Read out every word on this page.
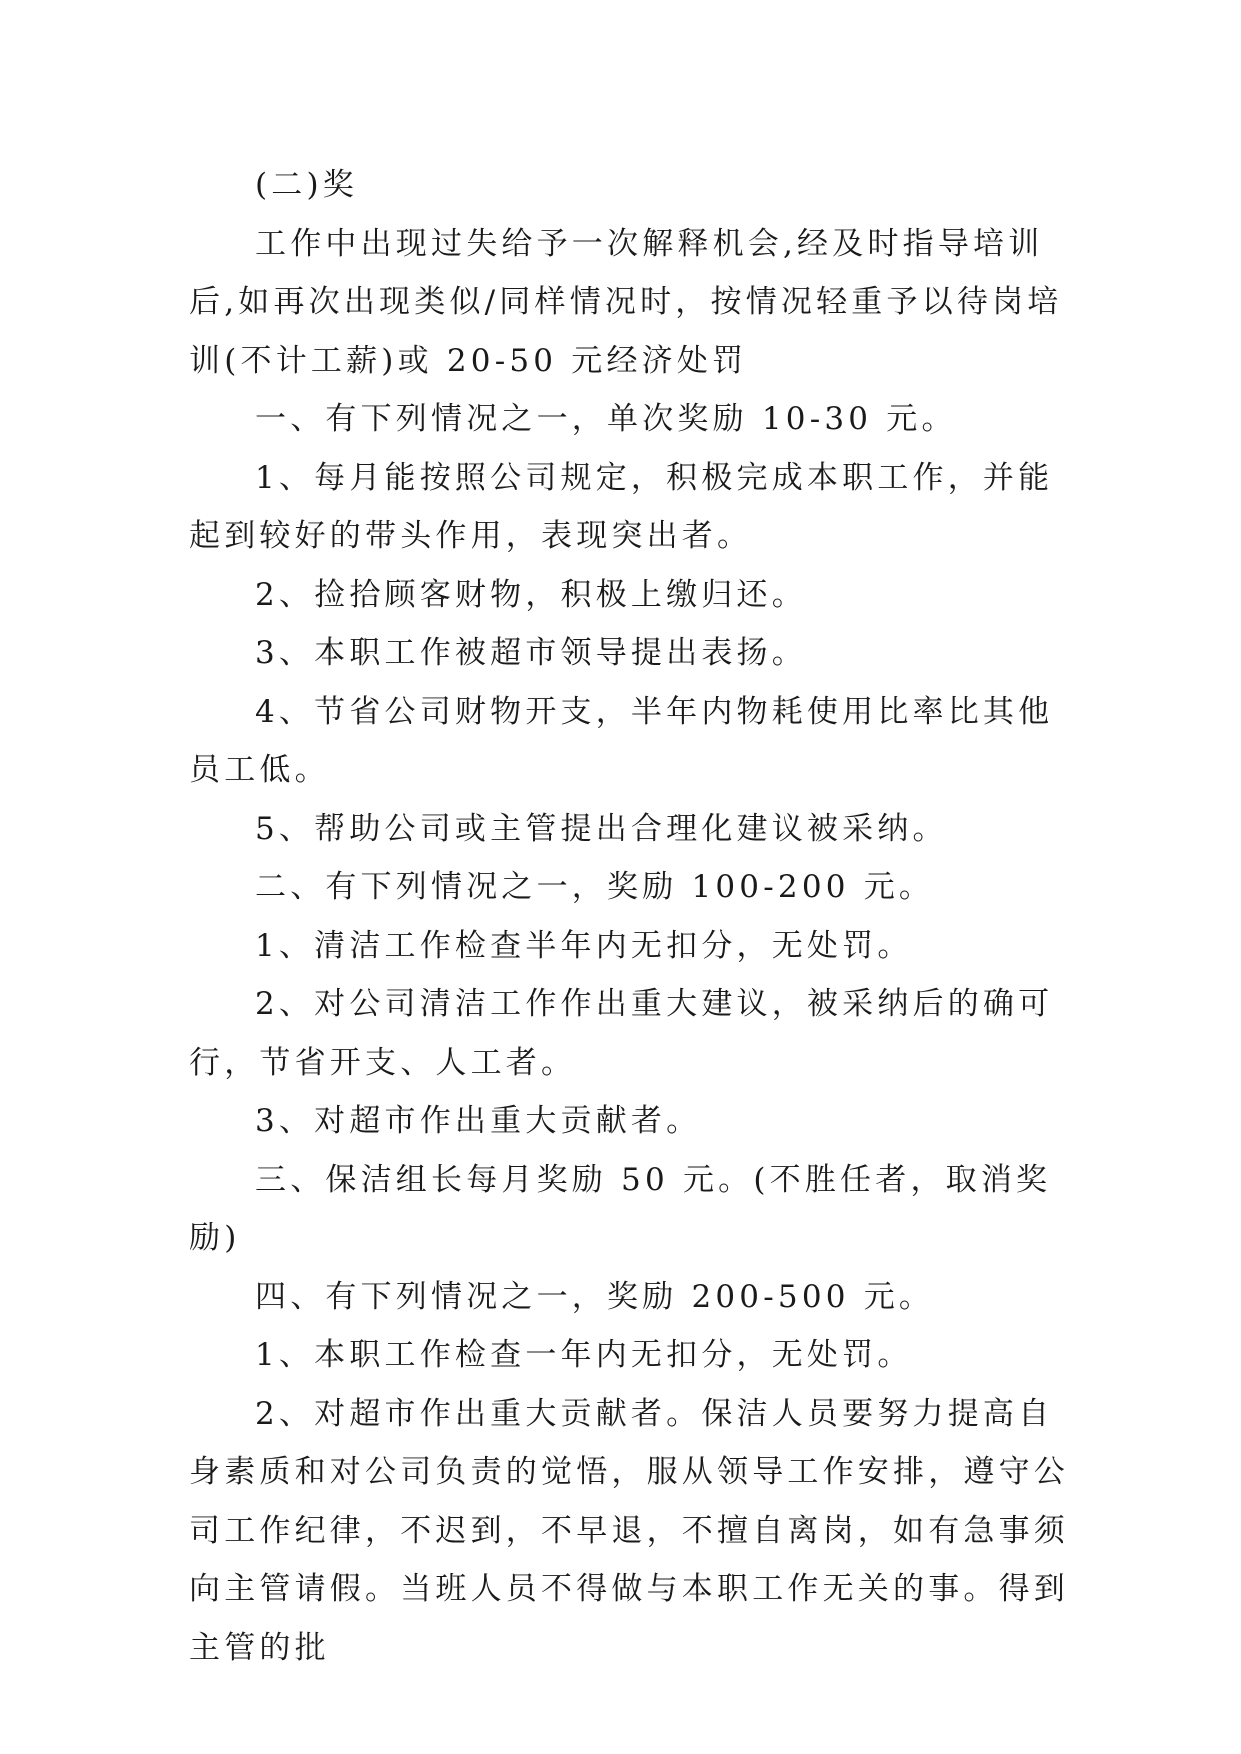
(二)奖

工作中出现过失给予一次解释机会,经及时指导培训后,如再次出现类似/同样情况时，按情况轻重予以待岗培训(不计工薪)或 20-50 元经济处罚

一、有下列情况之一，单次奖励 10-30 元。

1、每月能按照公司规定，积极完成本职工作，并能起到较好的带头作用，表现突出者。

2、捡拾顾客财物，积极上缴归还。

3、本职工作被超市领导提出表扬。

4、节省公司财物开支，半年内物耗使用比率比其他员工低。

5、帮助公司或主管提出合理化建议被采纳。

二、有下列情况之一，奖励 100-200 元。

1、清洁工作检查半年内无扣分，无处罚。

2、对公司清洁工作作出重大建议，被采纳后的确可行，节省开支、人工者。

3、对超市作出重大贡献者。

三、保洁组长每月奖励 50 元。(不胜任者，取消奖励)

四、有下列情况之一，奖励 200-500 元。

1、本职工作检查一年内无扣分，无处罚。

2、对超市作出重大贡献者。保洁人员要努力提高自身素质和对公司负责的觉悟，服从领导工作安排，遵守公司工作纪律，不迟到，不早退，不擅自离岗，如有急事须向主管请假。当班人员不得做与本职工作无关的事。得到主管的批
